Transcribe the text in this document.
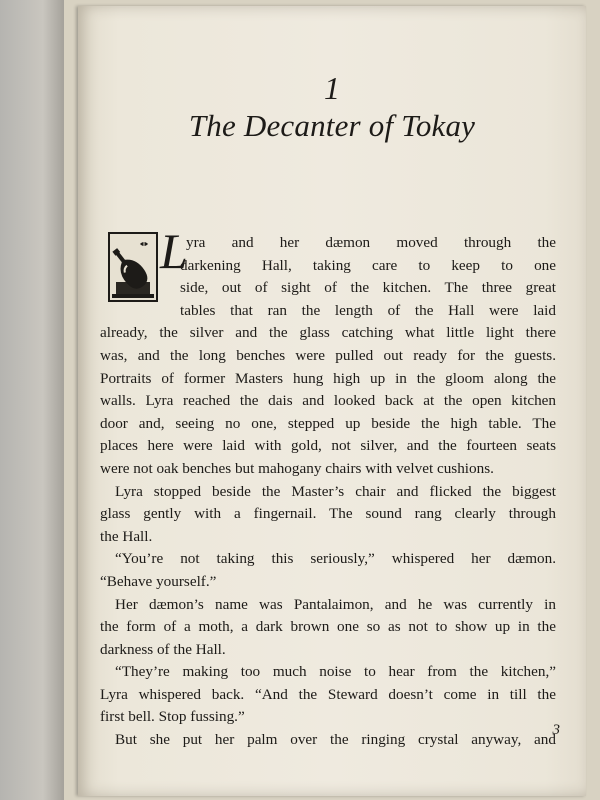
1
The Decanter of Tokay
L
yra and her dæmon moved through the
darkening Hall, taking care to keep to one
side, out of sight of the kitchen. The three great
tables that ran the length of the Hall were laid
already, the silver and the glass catching what little light there
was, and the long benches were pulled out ready for the guests.
Portraits of former Masters hung high up in the gloom along the
walls. Lyra reached the dais and looked back at the open kitchen
door and, seeing no one, stepped up beside the high table. The
places here were laid with gold, not silver, and the fourteen seats
were not oak benches but mahogany chairs with velvet cushions.
Lyra stopped beside the Master’s chair and flicked the biggest
glass gently with a fingernail. The sound rang clearly through
the Hall.
“You’re not taking this seriously,” whispered her dæmon.
“Behave yourself.”
Her dæmon’s name was Pantalaimon, and he was currently in
the form of a moth, a dark brown one so as not to show up in the
darkness of the Hall.
“They’re making too much noise to hear from the kitchen,”
Lyra whispered back. “And the Steward doesn’t come in till the
first bell. Stop fussing.”
But she put her palm over the ringing crystal anyway, and
3
